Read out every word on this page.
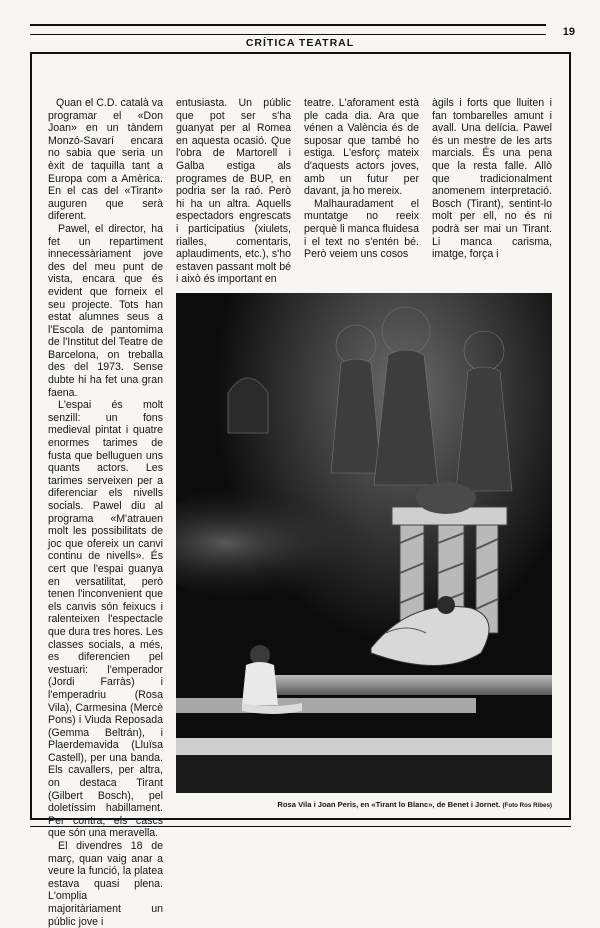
19
CRÍTICA TEATRAL

Quan el C.D. català va programar el «Don Joan» en un tàndem Monzó-Savarí encara no sabia que seria un èxit de taquilla tant a Europa com a Amèrica. En el cas del «Tirant» auguren que serà diferent.

Pawel, el director, ha fet un repartiment innecessàriament jove des del meu punt de vista, encara que és evident que forneix el seu projecte. Tots han estat alumnes seus a l'Escola de pantomima de l'Institut del Teatre de Barcelona, on treballa des del 1973. Sense dubte hi ha fet una gran faena.

L'espai és molt senzill: un fons medieval pintat i quatre enormes tarimes de fusta que belluguen uns quants actors. Les tarimes serveixen per a diferenciar els nivells socials. Pawel diu al programa «M'atrauen molt les possibilitats de joc que ofereix un canvi continu de nivells». És cert que l'espai guanya en versatilitat, però tenen l'inconvenient que els canvis són feixucs i ralenteixen l'espectacle que dura tres hores. Les classes socials, a més, es diferencien pel vestuari: l'emperador (Jordi Farràs) i l'emperadriu (Rosa Vila), Carmesina (Mercè Pons) i Viuda Reposada (Gemma Beltrán), i Plaerdemavida (Lluïsa Castell), per una banda. Els cavallers, per altra, on destaca Tirant (Gilbert Bosch), pel doletíssim habillament. Per contra, els cascs que són una meravella.

El divendres 18 de març, quan vaig anar a veure la funció, la platea estava quasi plena. L'omplia majoritàriament un públic jove i

entusiasta. Un públic que pot ser s'ha guanyat per al Romea en aquesta ocasió. Que l'obra de Martorell i Galba estiga als programes de BUP, en podria ser la raó. Però hi ha un altra. Aquells espectadors engrescats i participatius (xiulets, rialles, comentaris, aplaudiments, etc.), s'ho estaven passant molt bé i això és important en

teatre. L'aforament està ple cada dia. Ara que vénen a València és de suposar que també ho estiga. L'esforç mateix d'aquests actors joves, amb un futur per davant, ja ho mereix.

Malhauradament el muntatge no reeix perquè li manca fluidesa i el text no s'entén bé. Però veiem uns cosos

àgils i forts que lluiten i fan tombarelles amunt i avall. Una delícia. Pawel és un mestre de les arts marcials. És una pena que la resta falle. Allò que tradicionalment anomenem interpretació. Bosch (Tirant), sentint-lo molt per ell, no és ni podrà ser mai un Tirant. Li manca carisma, imatge, força i

Rosa Vila i Joan Peris, en «Tirant lo Blanc», de Benet i Jornet. (Foto Ros Ribes)
